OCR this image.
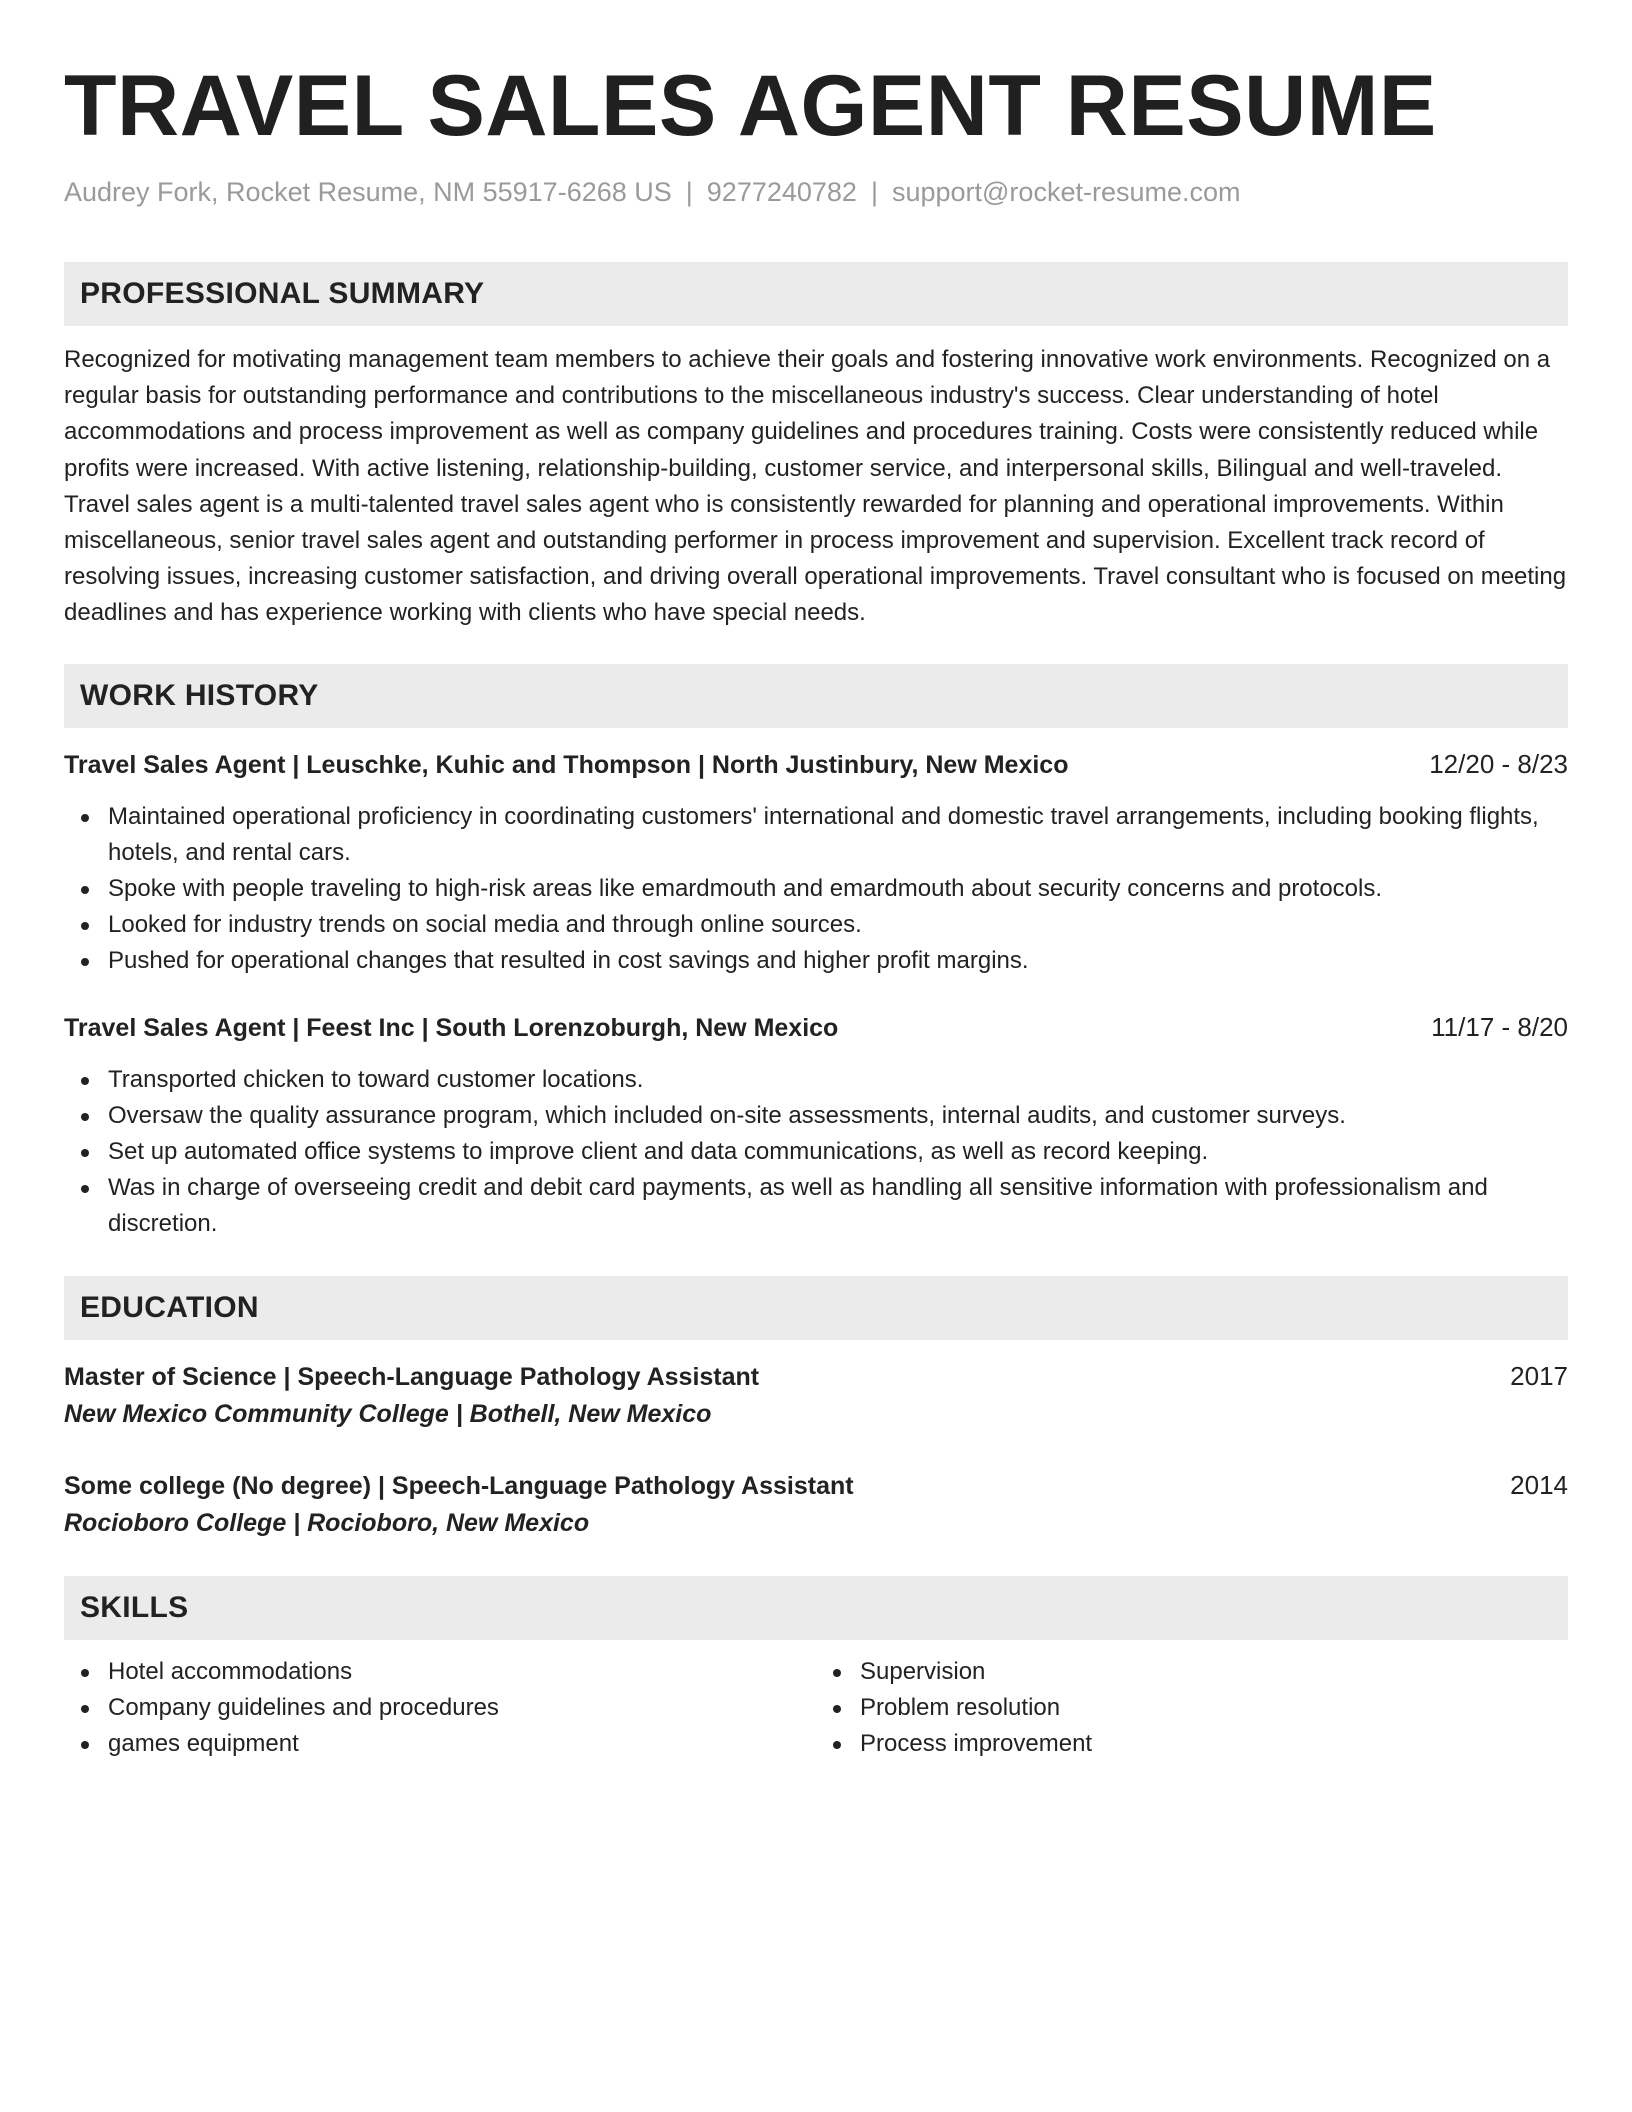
TRAVEL SALES AGENT RESUME
Audrey Fork, Rocket Resume, NM 55917-6268 US | 9277240782 | support@rocket-resume.com
PROFESSIONAL SUMMARY
Recognized for motivating management team members to achieve their goals and fostering innovative work environments. Recognized on a regular basis for outstanding performance and contributions to the miscellaneous industry's success. Clear understanding of hotel accommodations and process improvement as well as company guidelines and procedures training. Costs were consistently reduced while profits were increased. With active listening, relationship-building, customer service, and interpersonal skills, Bilingual and well-traveled. Travel sales agent is a multi-talented travel sales agent who is consistently rewarded for planning and operational improvements. Within miscellaneous, senior travel sales agent and outstanding performer in process improvement and supervision. Excellent track record of resolving issues, increasing customer satisfaction, and driving overall operational improvements. Travel consultant who is focused on meeting deadlines and has experience working with clients who have special needs.
WORK HISTORY
Travel Sales Agent | Leuschke, Kuhic and Thompson | North Justinbury, New Mexico	12/20 - 8/23
Maintained operational proficiency in coordinating customers' international and domestic travel arrangements, including booking flights, hotels, and rental cars.
Spoke with people traveling to high-risk areas like emardmouth and emardmouth about security concerns and protocols.
Looked for industry trends on social media and through online sources.
Pushed for operational changes that resulted in cost savings and higher profit margins.
Travel Sales Agent | Feest Inc | South Lorenzoburgh, New Mexico	11/17 - 8/20
Transported chicken to toward customer locations.
Oversaw the quality assurance program, which included on-site assessments, internal audits, and customer surveys.
Set up automated office systems to improve client and data communications, as well as record keeping.
Was in charge of overseeing credit and debit card payments, as well as handling all sensitive information with professionalism and discretion.
EDUCATION
Master of Science | Speech-Language Pathology Assistant	2017
New Mexico Community College | Bothell, New Mexico
Some college (No degree) | Speech-Language Pathology Assistant	2014
Rocioboro College | Rocioboro, New Mexico
SKILLS
Hotel accommodations
Company guidelines and procedures
games equipment
Supervision
Problem resolution
Process improvement
